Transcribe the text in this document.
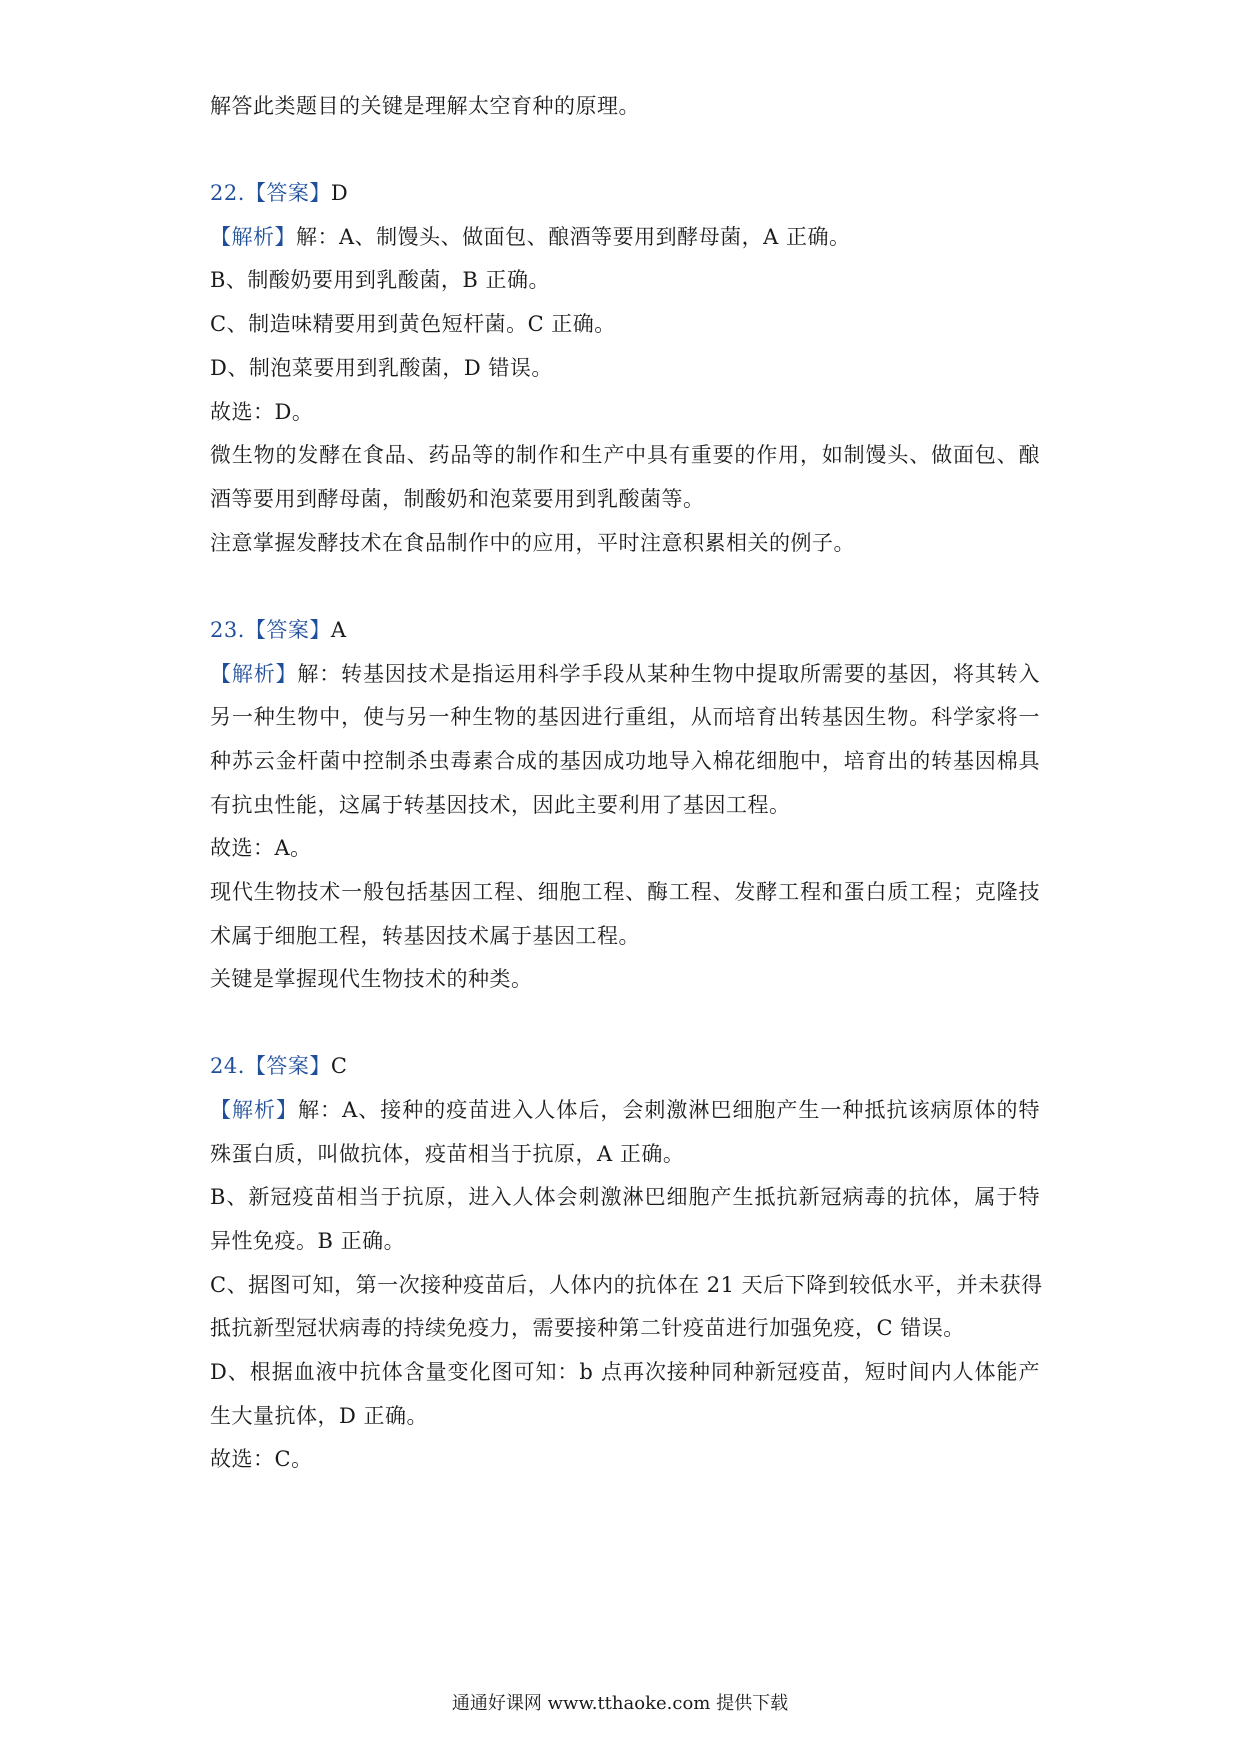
解答此类题目的关键是理解太空育种的原理。
22.【答案】D
【解析】解：A、制馒头、做面包、酿酒等要用到酵母菌，A 正确。
B、制酸奶要用到乳酸菌，B 正确。
C、制造味精要用到黄色短杆菌。C 正确。
D、制泡菜要用到乳酸菌，D 错误。
故选：D。
微生物的发酵在食品、药品等的制作和生产中具有重要的作用，如制馒头、做面包、酿
酒等要用到酵母菌，制酸奶和泡菜要用到乳酸菌等。
注意掌握发酵技术在食品制作中的应用，平时注意积累相关的例子。
23.【答案】A
【解析】解：转基因技术是指运用科学手段从某种生物中提取所需要的基因，将其转入
另一种生物中，使与另一种生物的基因进行重组，从而培育出转基因生物。科学家将一
种苏云金杆菌中控制杀虫毒素合成的基因成功地导入棉花细胞中，培育出的转基因棉具
有抗虫性能，这属于转基因技术，因此主要利用了基因工程。
故选：A。
现代生物技术一般包括基因工程、细胞工程、酶工程、发酵工程和蛋白质工程；克隆技
术属于细胞工程，转基因技术属于基因工程。
关键是掌握现代生物技术的种类。
24.【答案】C
【解析】解：A、接种的疫苗进入人体后，会刺激淋巴细胞产生一种抵抗该病原体的特
殊蛋白质，叫做抗体，疫苗相当于抗原，A 正确。
B、新冠疫苗相当于抗原，进入人体会刺激淋巴细胞产生抵抗新冠病毒的抗体，属于特
异性免疫。B 正确。
C、据图可知，第一次接种疫苗后，人体内的抗体在 21 天后下降到较低水平，并未获得
抵抗新型冠状病毒的持续免疫力，需要接种第二针疫苗进行加强免疫，C 错误。
D、根据血液中抗体含量变化图可知：b 点再次接种同种新冠疫苗，短时间内人体能产
生大量抗体，D 正确。
故选：C。
通通好课网 www.tthaoke.com 提供下载
